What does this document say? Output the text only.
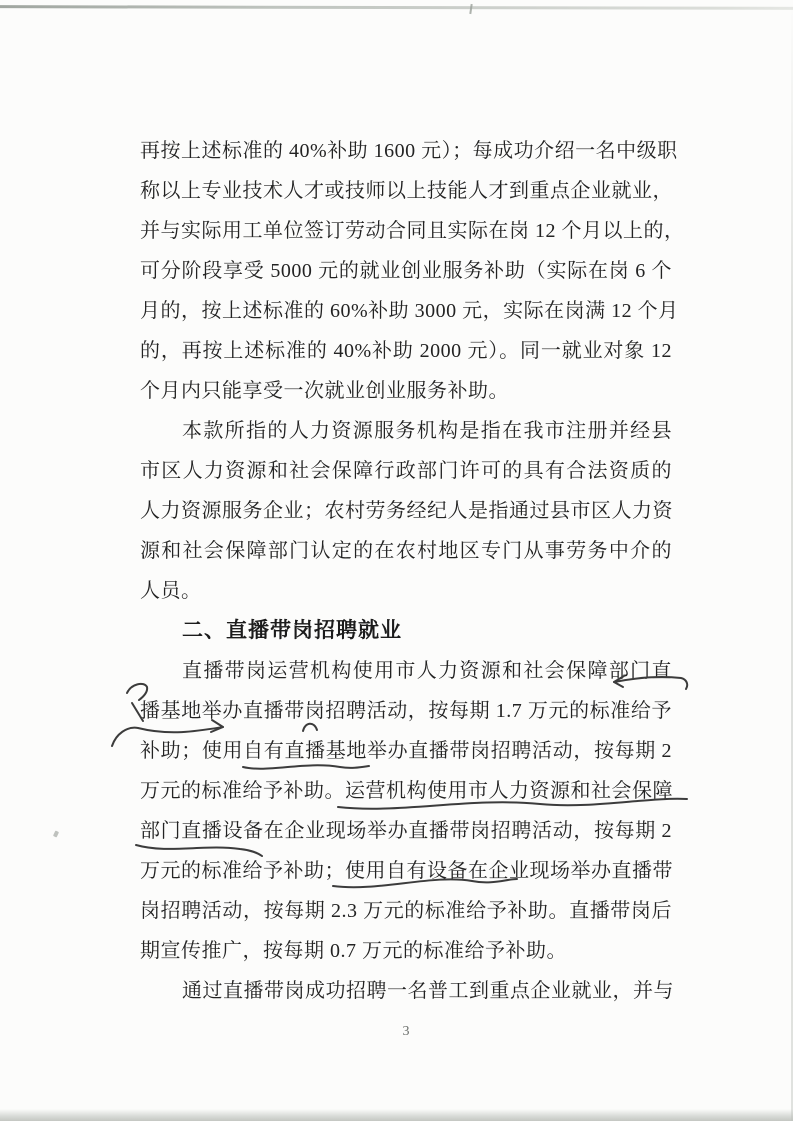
再按上述标准的 40%补助 1600 元）；每成功介绍一名中级职
称以上专业技术人才或技师以上技能人才到重点企业就业，
并与实际用工单位签订劳动合同且实际在岗 12 个月以上的，
可分阶段享受 5000 元的就业创业服务补助（实际在岗 6 个
月的，按上述标准的 60%补助 3000 元，实际在岗满 12 个月
的，再按上述标准的 40%补助 2000 元）。同一就业对象 12
个月内只能享受一次就业创业服务补助。
本款所指的人力资源服务机构是指在我市注册并经县
市区人力资源和社会保障行政部门许可的具有合法资质的
人力资源服务企业；农村劳务经纪人是指通过县市区人力资
源和社会保障部门认定的在农村地区专门从事劳务中介的
人员。
二、直播带岗招聘就业
直播带岗运营机构使用市人力资源和社会保障部门直
播基地举办直播带岗招聘活动，按每期 1.7 万元的标准给予
补助；使用自有直播基地举办直播带岗招聘活动，按每期 2
万元的标准给予补助。运营机构使用市人力资源和社会保障
部门直播设备在企业现场举办直播带岗招聘活动，按每期 2
万元的标准给予补助；使用自有设备在企业现场举办直播带
岗招聘活动，按每期 2.3 万元的标准给予补助。直播带岗后
期宣传推广，按每期 0.7 万元的标准给予补助。
通过直播带岗成功招聘一名普工到重点企业就业，并与
3
